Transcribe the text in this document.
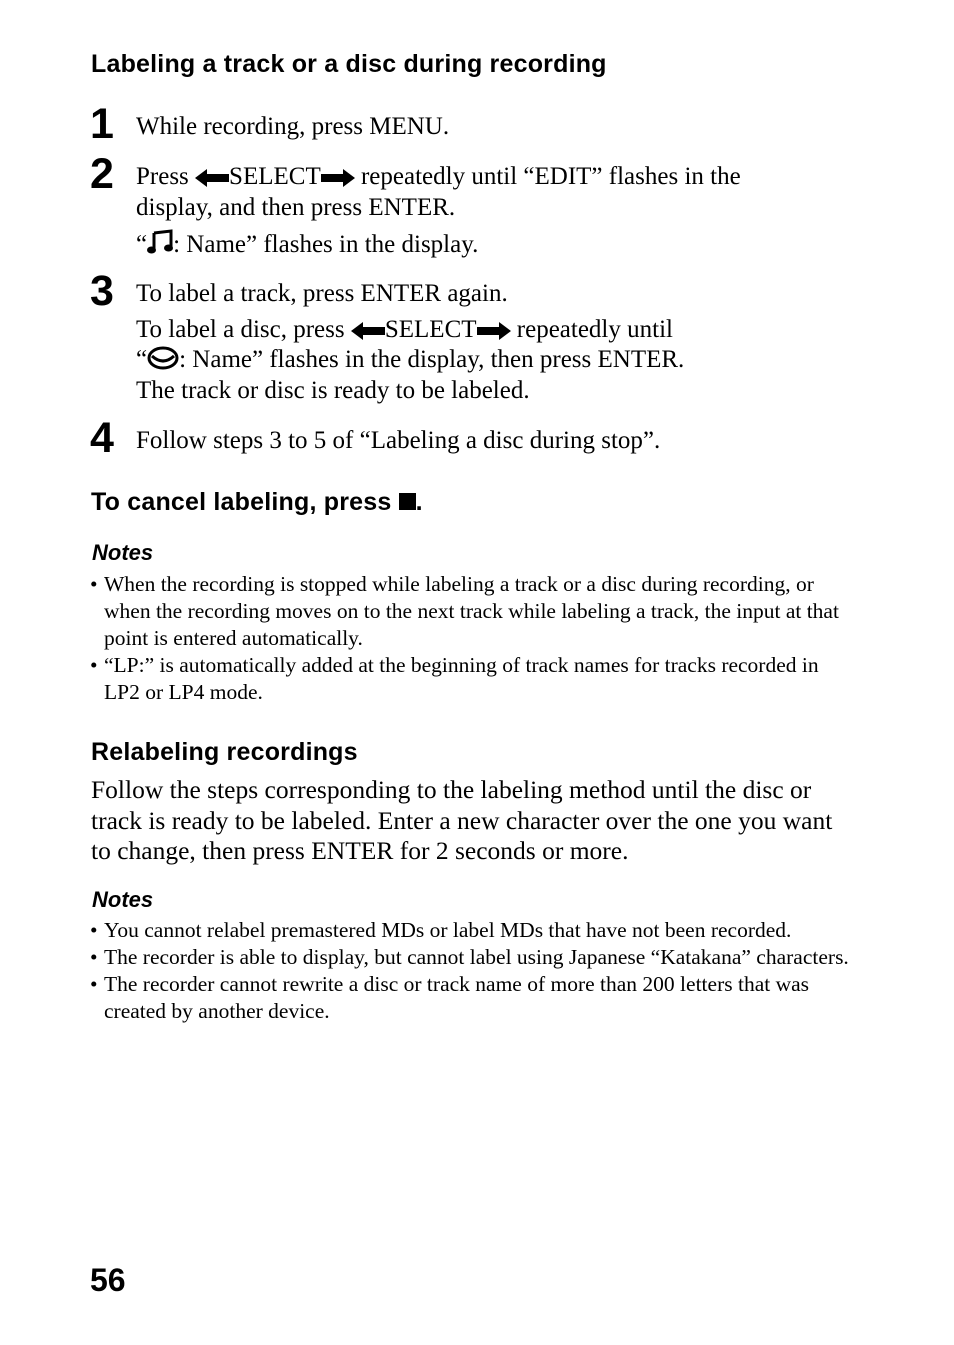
Labeling a track or a disc during recording
1 While recording, press MENU.
2 Press SELECT repeatedly until “EDIT” flashes in the
display, and then press ENTER.
“ : Name” flashes in the display.
3 To label a track, press ENTER again.
To label a disc, press SELECT repeatedly until
“ : Name” flashes in the display, then press ENTER.
The track or disc is ready to be labeled.
4 Follow steps 3 to 5 of “Labeling a disc during stop”.
To cancel labeling, press .
Notes
• When the recording is stopped while labeling a track or a disc during recording, or when the recording moves on to the next track while labeling a track, the input at that point is entered automatically.
• “LP:” is automatically added at the beginning of track names for tracks recorded in LP2 or LP4 mode.
Relabeling recordings
Follow the steps corresponding to the labeling method until the disc or track is ready to be labeled. Enter a new character over the one you want to change, then press ENTER for 2 seconds or more.
Notes
• You cannot relabel premastered MDs or label MDs that have not been recorded.
• The recorder is able to display, but cannot label using Japanese “Katakana” characters.
• The recorder cannot rewrite a disc or track name of more than 200 letters that was created by another device.
56
